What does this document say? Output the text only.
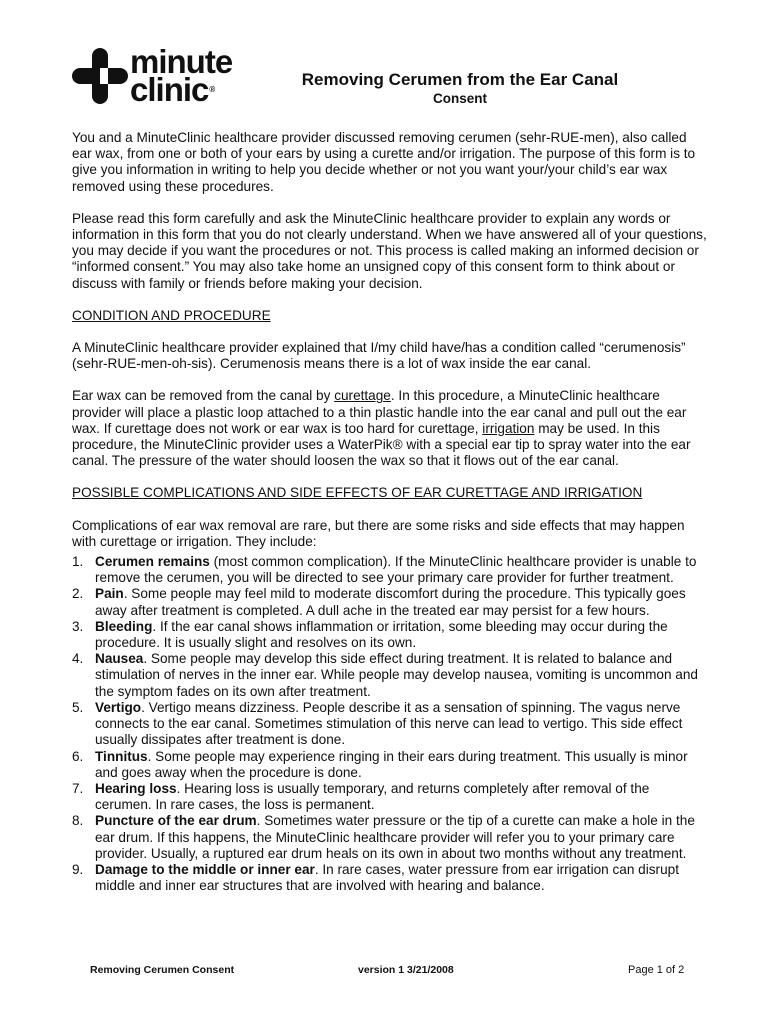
minute
clinic®
Removing Cerumen from the Ear Canal
Consent

You and a MinuteClinic healthcare provider discussed removing cerumen (sehr-RUE-men), also called ear wax, from one or both of your ears by using a curette and/or irrigation. The purpose of this form is to give you information in writing to help you decide whether or not you want your/your child’s ear wax removed using these procedures.

Please read this form carefully and ask the MinuteClinic healthcare provider to explain any words or information in this form that you do not clearly understand. When we have answered all of your questions, you may decide if you want the procedures or not. This process is called making an informed decision or “informed consent.” You may also take home an unsigned copy of this consent form to think about or discuss with family or friends before making your decision.

CONDITION AND PROCEDURE

A MinuteClinic healthcare provider explained that I/my child have/has a condition called “cerumenosis” (sehr-RUE-men-oh-sis). Cerumenosis means there is a lot of wax inside the ear canal.

Ear wax can be removed from the canal by curettage. In this procedure, a MinuteClinic healthcare provider will place a plastic loop attached to a thin plastic handle into the ear canal and pull out the ear wax. If curettage does not work or ear wax is too hard for curettage, irrigation may be used. In this procedure, the MinuteClinic provider uses a WaterPik® with a special ear tip to spray water into the ear canal. The pressure of the water should loosen the wax so that it flows out of the ear canal.

POSSIBLE COMPLICATIONS AND SIDE EFFECTS OF EAR CURETTAGE AND IRRIGATION

Complications of ear wax removal are rare, but there are some risks and side effects that may happen with curettage or irrigation. They include:

1. Cerumen remains (most common complication). If the MinuteClinic healthcare provider is unable to remove the cerumen, you will be directed to see your primary care provider for further treatment.
2. Pain. Some people may feel mild to moderate discomfort during the procedure. This typically goes away after treatment is completed. A dull ache in the treated ear may persist for a few hours.
3. Bleeding. If the ear canal shows inflammation or irritation, some bleeding may occur during the procedure. It is usually slight and resolves on its own.
4. Nausea. Some people may develop this side effect during treatment. It is related to balance and stimulation of nerves in the inner ear. While people may develop nausea, vomiting is uncommon and the symptom fades on its own after treatment.
5. Vertigo. Vertigo means dizziness. People describe it as a sensation of spinning. The vagus nerve connects to the ear canal. Sometimes stimulation of this nerve can lead to vertigo. This side effect usually dissipates after treatment is done.
6. Tinnitus. Some people may experience ringing in their ears during treatment. This usually is minor and goes away when the procedure is done.
7. Hearing loss. Hearing loss is usually temporary, and returns completely after removal of the cerumen. In rare cases, the loss is permanent.
8. Puncture of the ear drum. Sometimes water pressure or the tip of a curette can make a hole in the ear drum. If this happens, the MinuteClinic healthcare provider will refer you to your primary care provider. Usually, a ruptured ear drum heals on its own in about two months without any treatment.
9. Damage to the middle or inner ear. In rare cases, water pressure from ear irrigation can disrupt middle and inner ear structures that are involved with hearing and balance.
Removing Cerumen Consent	version 1 3/21/2008	Page 1 of 2
